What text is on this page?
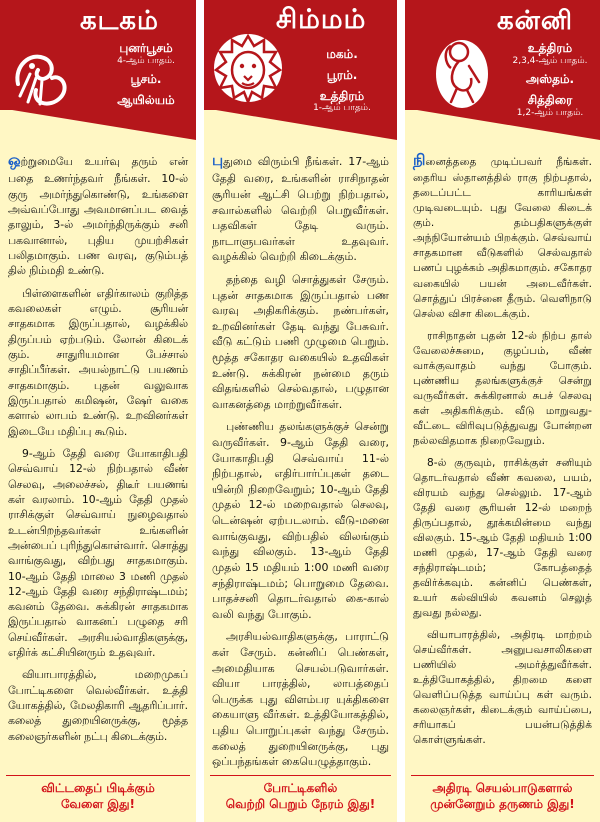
கடகம்
புனர்பூசம்
4-ஆம் பாதம்.
பூசம்.
ஆயில்யம்

ஒற்றுமையே உயர்வு தரும் என் பதை உணர்ந்தவர் நீங்கள். 10-ல் குரு அமர்ந்துகொண்டு, உங்களை அவ்வப்போது அவமானப்பட வைத் தாலும், 3-ல் அமர்ந்திருக்கும் சனி பகவானால், புதிய முயற்சிகள் பலிதமாகும். பண வரவு, குடும்பத் தில் நிம்மதி உண்டு.

பிள்ளைகளின் எதிர்காலம் குறித்த கவலைகள் எழும். சூரியன் சாதகமாக இருப்பதால், வழக்கில் திருப்பம் ஏற்படும். லோன் கிடைக் கும். சாதுரியமான பேச்சால் சாதிப்பீர்கள். அயல்நாட்டு பயணம் சாதகமாகும். புதன் வலுவாக இருப்பதால் கமிஷன், ஷேர் வகை களால் லாபம் உண்டு. உறவினர்கள் இடையே மதிப்பு கூடும்.

9-ஆம் தேதி வரை யோகாதிபதி செவ்வாய் 12-ல் நிற்பதால் வீண் செலவு, அலைச்சல், திடீர் பயணங் கள் வரலாம். 10-ஆம் தேதி முதல் ராசிக்குள் செவ்வாய் நுழைவதால் உடன்பிறந்தவர்கள் உங்களின் அன்பைப் புரிந்துகொள்வார். சொத்து வாங்குவது, விற்பது சாதகமாகும். 10-ஆம் தேதி மாலை 3 மணி முதல் 12-ஆம் தேதி வரை சந்திராஷ்டமம்; கவனம் தேவை. சுக்கிரன் சாதகமாக இருப்பதால் வாகனப் பழுதை சரி செய்வீர்கள். அரசியல்வாதிகளுக்கு, எதிர்க் கட்சியினரும் உதவுவர்.

வியாபாரத்தில், மறைமுகப் போட்டிகளை வெல்வீர்கள். உத்தி யோகத்தில், மேலதிகாரி ஆதரிப்பார். கலைத் துறையினருக்கு, மூத்த கலைஞர்களின் நட்பு கிடைக்கும்.

விட்டதைப் பிடிக்கும்
வேளை இது!
சிம்மம்
மகம்.
பூரம்.
உத்திரம்
1-ஆம் பாதம்.

புதுமை விரும்பி நீங்கள். 17-ஆம் தேதி வரை, உங்களின் ராசிநாதன் சூரியன் ஆட்சி பெற்று நிற்பதால், சவால்களில் வெற்றி பெறுவீர்கள். பதவிகள் தேடி வரும். நாடாளுபவர்கள் உதவுவர். வழக்கில் வெற்றி கிடைக்கும்.

தந்தை வழி சொத்துகள் சேரும். புதன் சாதகமாக இருப்பதால் பண வரவு அதிகரிக்கும். நண்பர்கள், உறவினர்கள் தேடி வந்து பேசுவர். வீடு கட்டும் பணி முழுமை பெறும். மூத்த சகோதர வகையில் உதவிகள் உண்டு. சுக்கிரன் நன்மை தரும் விதங்களில் செல்வதால், பழுதான வாகனத்தை மாற்றுவீர்கள்.

புண்ணிய தலங்களுக்குச் சென்று வருவீர்கள். 9-ஆம் தேதி வரை, யோகாதிபதி செவ்வாய் 11-ல் நிற்பதால், எதிர்பார்ப்புகள் தடை யின்றி நிறைவேறும்; 10-ஆம் தேதி முதல் 12-ல் மறைவதால் செலவு, டென்ஷன் ஏற்படலாம். வீடு-மனை வாங்குவது, விற்பதில் விலங்கும் வந்து விலகும். 13-ஆம் தேதி முதல் 15 மதியம் 1:00 மணி வரை சந்திராஷ்டமம்; பொறுமை தேவை. பாதச்சனி தொடர்வதால் கை-கால் வலி வந்து போகும்.

அரசியல்வாதிகளுக்கு, பாராட்டு கள் சேரும். கன்னிப் பெண்கள், அமைதியாக செயல்படுவார்கள். வியா பாரத்தில், லாபத்தைப் பெருக்க புது விளம்பர யுக்திகளை கையாளு வீர்கள். உத்தியோகத்தில், புதிய பொறுப்புகள் வந்து சேரும். கலைத் துறையினருக்கு, புது ஒப்பந்தங்கள் கையெழுத்தாகும்.

போட்டிகளில்
வெற்றி பெறும் நேரம் இது!
கன்னி
உத்திரம்
2,3,4-ஆம் பாதம்.
அஸ்தம்.
சித்திரை
1,2-ஆம் பாதம்.

நினைத்ததை முடிப்பவர் நீங்கள். தைரிய ஸ்தானத்தில் ராகு நிற்பதால், தடைப்பட்ட காரியங்கள் முடிவடையும். புது வேலை கிடைக் கும். தம்பதிகளுக்குள் அந்நியோன்யம் பிறக்கும். செவ்வாய் சாதகமான வீடுகளில் செல்வதால் பணப் புழக்கம் அதிகமாகும். சகோதர வகையில் பயன் அடைவீர்கள். சொத்துப் பிரச்னை தீரும். வெளிநாடு செல்ல விசா கிடைக்கும்.

ராசிநாதன் புதன் 12-ல் நிற்ப தால் வேலைச்சுமை, குழப்பம், வீண் வாக்குவாதம் வந்து போகும். புண்ணிய தலங்களுக்குச் சென்று வருவீர்கள். சுக்கிரனால் சுபச் செலவு கள் அதிகரிக்கும். வீடு மாறுவது-வீட்டை விரிவுபடுத்துவது போன்றன நல்லவிதமாக நிறைவேறும்.

8-ல் குருவும், ராசிக்குள் சனியும் தொடர்வதால் வீண் கவலை, பயம், விரயம் வந்து செல்லும். 17-ஆம் தேதி வரை சூரியன் 12-ல் மறைந் திருப்பதால், தூக்கமின்மை வந்து விலகும். 15-ஆம் தேதி மதியம் 1:00 மணி முதல், 17-ஆம் தேதி வரை சந்திராஷ்டமம்; கோபத்தைத் தவிர்க்கவும். கன்னிப் பெண்கள், உயர் கல்வியில் கவனம் செலுத் துவது நல்லது.

வியாபாரத்தில், அதிரடி மாற்றம் செய்வீர்கள். அனுபவசாலிகளை பணியில் அமர்த்துவீர்கள். உத்தியோகத்தில், திறமை களை வெளிப்படுத்த வாய்ப்பு கள் வரும். கலைஞர்கள், கிடைக்கும் வாய்ப்பை, சரியாகப் பயன்படுத்திக் கொள்ளுங்கள்.

அதிரடி செயல்பாடுகளால்
முன்னேறும் தருணம் இது!
